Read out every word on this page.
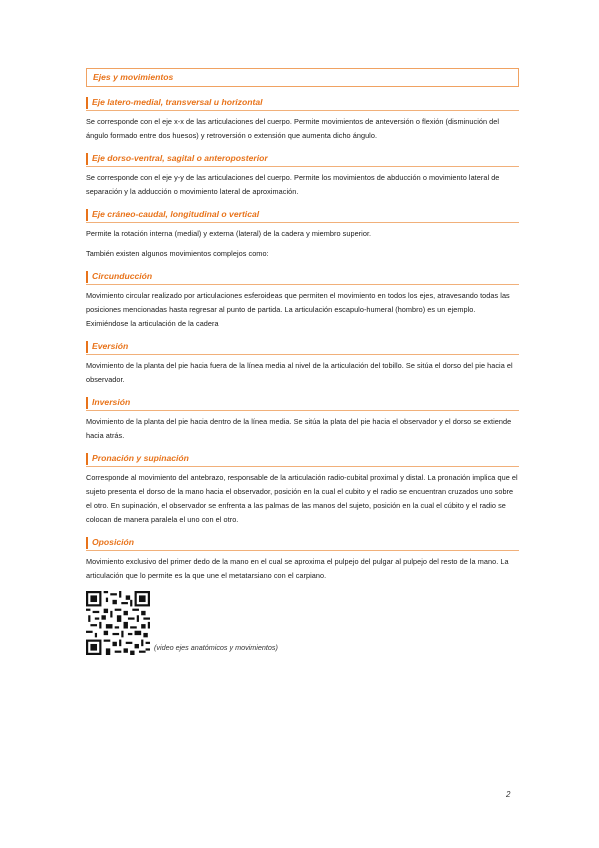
Ejes y movimientos
Eje latero-medial, transversal u horizontal

Se corresponde con el eje x-x de las articulaciones del cuerpo. Permite movimientos de anteversión o flexión (disminución del ángulo formado entre dos huesos) y retroversión o extensión que aumenta dicho ángulo.

Eje dorso-ventral, sagital o anteroposterior

Se corresponde con el eje y-y de las articulaciones del cuerpo. Permite los movimientos de abducción o movimiento lateral de separación y la adducción o movimiento lateral de aproximación.

Eje cráneo-caudal, longitudinal o vertical

Permite la rotación interna (medial) y externa (lateral) de la cadera y miembro superior.

También existen algunos movimientos complejos como:

Circunducción

Movimiento circular realizado por articulaciones esferoideas que permiten el movimiento en todos los ejes, atravesando todas las posiciones mencionadas hasta regresar al punto de partida. La articulación escapulo-humeral (hombro) es un ejemplo. Eximiéndose la articulación de la cadera

Eversión

Movimiento de la planta del pie hacia fuera de la línea media al nivel de la articulación del tobillo. Se sitúa el dorso del pie hacia el observador.

Inversión

Movimiento de la planta del pie hacia dentro de la línea media. Se sitúa la plata del pie hacia el observador y el dorso se extiende hacia atrás.

Pronación y supinación

Corresponde al movimiento del antebrazo, responsable de la articulación radio-cubital proximal y distal. La pronación implica que el sujeto presenta el dorso de la mano hacia el observador, posición en la cual el cubito y el radio se encuentran cruzados uno sobre el otro. En supinación, el observador se enfrenta a las palmas de las manos del sujeto, posición en la cual el cúbito y el radio se colocan de manera paralela el uno con el otro.

Oposición

Movimiento exclusivo del primer dedo de la mano en el cual se aproxima el pulpejo del pulgar al pulpejo del resto de la mano. La articulación que lo permite es la que une el metatarsiano con el carpiano.

(video ejes anatómicos y movimientos)
2
